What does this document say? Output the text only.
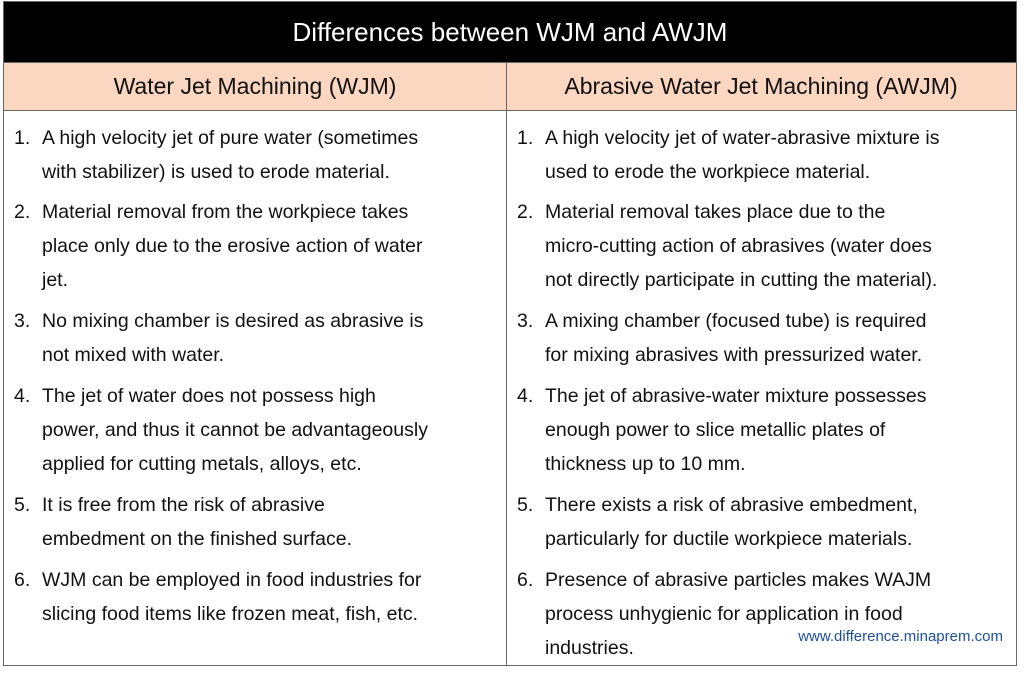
Differences between WJM and AWJM
Water Jet Machining (WJM)	Abrasive Water Jet Machining (AWJM)
1. A high velocity jet of pure water (sometimes
with stabilizer) is used to erode material.
2. Material removal from the workpiece takes
place only due to the erosive action of water
jet.
3. No mixing chamber is desired as abrasive is
not mixed with water.
4. The jet of water does not possess high
power, and thus it cannot be advantageously
applied for cutting metals, alloys, etc.
5. It is free from the risk of abrasive
embedment on the finished surface.
6. WJM can be employed in food industries for
slicing food items like frozen meat, fish, etc.
1. A high velocity jet of water-abrasive mixture is
used to erode the workpiece material.
2. Material removal takes place due to the
micro-cutting action of abrasives (water does
not directly participate in cutting the material).
3. A mixing chamber (focused tube) is required
for mixing abrasives with pressurized water.
4. The jet of abrasive-water mixture possesses
enough power to slice metallic plates of
thickness up to 10 mm.
5. There exists a risk of abrasive embedment,
particularly for ductile workpiece materials.
6. Presence of abrasive particles makes WAJM
process unhygienic for application in food
industries.
www.difference.minaprem.com
